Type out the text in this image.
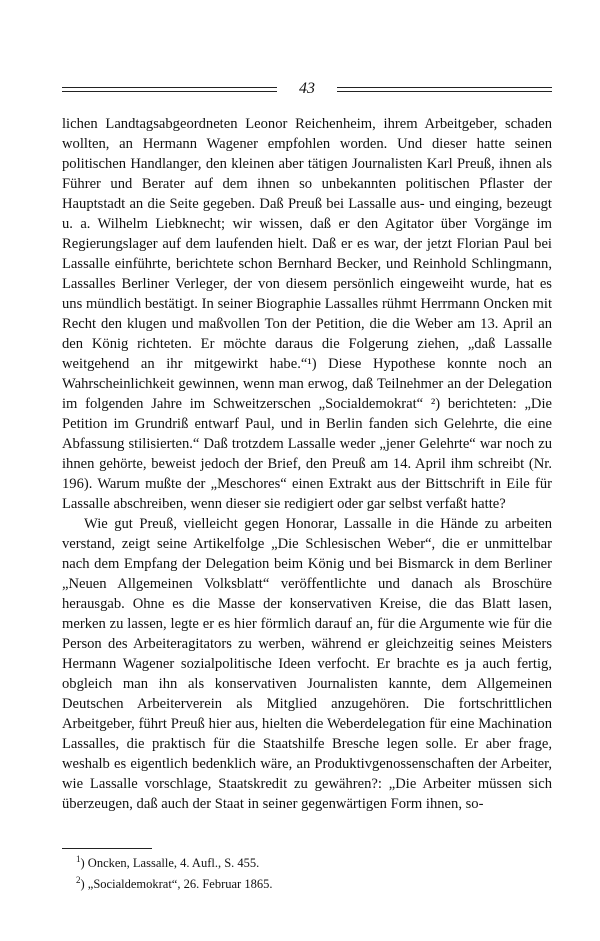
43

lichen Landtagsabgeordneten Leonor Reichenheim, ihrem Arbeitgeber, schaden wollten, an Hermann Wagener empfohlen worden. Und dieser hatte seinen politischen Handlanger, den kleinen aber tätigen Journalisten Karl Preuß, ihnen als Führer und Berater auf dem ihnen so unbekannten politischen Pflaster der Hauptstadt an die Seite gegeben. Daß Preuß bei Lassalle aus- und einging, bezeugt u. a. Wilhelm Liebknecht; wir wissen, daß er den Agitator über Vorgänge im Regierungslager auf dem laufenden hielt. Daß er es war, der jetzt Florian Paul bei Lassalle einführte, berichtete schon Bernhard Becker, und Reinhold Schlingmann, Lassalles Berliner Verleger, der von diesem persönlich eingeweiht wurde, hat es uns mündlich bestätigt. In seiner Biographie Lassalles rühmt Herrmann Oncken mit Recht den klugen und maßvollen Ton der Petition, die die Weber am 13. April an den König richteten. Er möchte daraus die Folgerung ziehen, „daß Lassalle weitgehend an ihr mitgewirkt habe.“¹) Diese Hypothese konnte noch an Wahrscheinlichkeit gewinnen, wenn man erwog, daß Teilnehmer an der Delegation im folgenden Jahre im Schweitzerschen „Socialdemokrat“ ²) berichteten: „Die Petition im Grundriß entwarf Paul, und in Berlin fanden sich Gelehrte, die eine Abfassung stilisierten.“ Daß trotzdem Lassalle weder „jener Gelehrte“ war noch zu ihnen gehörte, beweist jedoch der Brief, den Preuß am 14. April ihm schreibt (Nr. 196). Warum mußte der „Meschores“ einen Extrakt aus der Bittschrift in Eile für Lassalle abschreiben, wenn dieser sie redigiert oder gar selbst verfaßt hatte?

Wie gut Preuß, vielleicht gegen Honorar, Lassalle in die Hände zu arbeiten verstand, zeigt seine Artikelfolge „Die Schlesischen Weber“, die er unmittelbar nach dem Empfang der Delegation beim König und bei Bismarck in dem Berliner „Neuen Allgemeinen Volksblatt“ veröffentlichte und danach als Broschüre herausgab. Ohne es die Masse der konservativen Kreise, die das Blatt lasen, merken zu lassen, legte er es hier förmlich darauf an, für die Argumente wie für die Person des Arbeiteragitators zu werben, während er gleichzeitig seines Meisters Hermann Wagener sozialpolitische Ideen verfocht. Er brachte es ja auch fertig, obgleich man ihn als konservativen Journalisten kannte, dem Allgemeinen Deutschen Arbeiterverein als Mitglied anzugehören. Die fortschrittlichen Arbeitgeber, führt Preuß hier aus, hielten die Weberdelegation für eine Machination Lassalles, die praktisch für die Staatshilfe Bresche legen solle. Er aber frage, weshalb es eigentlich bedenklich wäre, an Produktivgenossenschaften der Arbeiter, wie Lassalle vorschlage, Staatskredit zu gewähren?: „Die Arbeiter müssen sich überzeugen, daß auch der Staat in seiner gegenwärtigen Form ihnen, so-

$^1$) Oncken, Lassalle, 4. Aufl., S. 455.
$^2$) „Socialdemokrat“, 26. Februar 1865.
